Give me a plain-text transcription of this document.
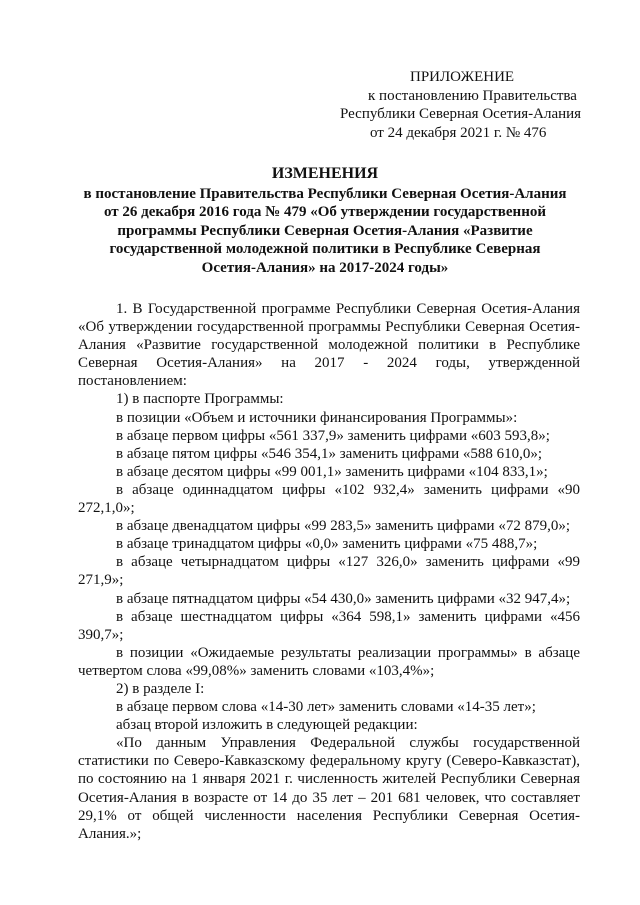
ПРИЛОЖЕНИЕ
к постановлению Правительства
Республики Северная Осетия-Алания
от 24 декабря 2021 г. № 476
ИЗМЕНЕНИЯ
в постановление Правительства Республики Северная Осетия-Алания
от 26 декабря 2016 года № 479 «Об утверждении государственной
программы Республики Северная Осетия-Алания «Развитие
государственной молодежной политики в Республике Северная
Осетия-Алания» на 2017-2024 годы»

1. В Государственной программе Республики Северная Осетия-Алания «Об утверждении государственной программы Республики Северная Осетия-Алания «Развитие государственной молодежной политики в Республике Северная Осетия-Алания» на 2017 - 2024 годы, утвержденной постановлением:

1) в паспорте Программы:

в позиции «Объем и источники финансирования Программы»:

в абзаце первом цифры «561 337,9» заменить цифрами «603 593,8»;

в абзаце пятом цифры «546 354,1» заменить цифрами «588 610,0»;

в абзаце десятом цифры «99 001,1» заменить цифрами «104 833,1»;

в абзаце одиннадцатом цифры «102 932,4» заменить цифрами «90 272,1,0»;

в абзаце двенадцатом цифры «99 283,5» заменить цифрами «72 879,0»;

в абзаце тринадцатом цифры «0,0» заменить цифрами «75 488,7»;

в абзаце четырнадцатом цифры «127 326,0» заменить цифрами «99 271,9»;

в абзаце пятнадцатом цифры «54 430,0» заменить цифрами «32 947,4»;

в абзаце шестнадцатом цифры «364 598,1» заменить цифрами «456 390,7»;

в позиции «Ожидаемые результаты реализации программы» в абзаце четвертом слова «99,08%» заменить словами «103,4%»;

2) в разделе I:

в абзаце первом слова «14-30 лет» заменить словами «14-35 лет»;

абзац второй изложить в следующей редакции:

«По данным Управления Федеральной службы государственной статистики по Северо-Кавказскому федеральному кругу (Северо-Кавказстат), по состоянию на 1 января 2021 г. численность жителей Республики Северная Осетия-Алания в возрасте от 14 до 35 лет – 201 681 человек, что составляет 29,1% от общей численности населения Республики Северная Осетия-Алания.»;
